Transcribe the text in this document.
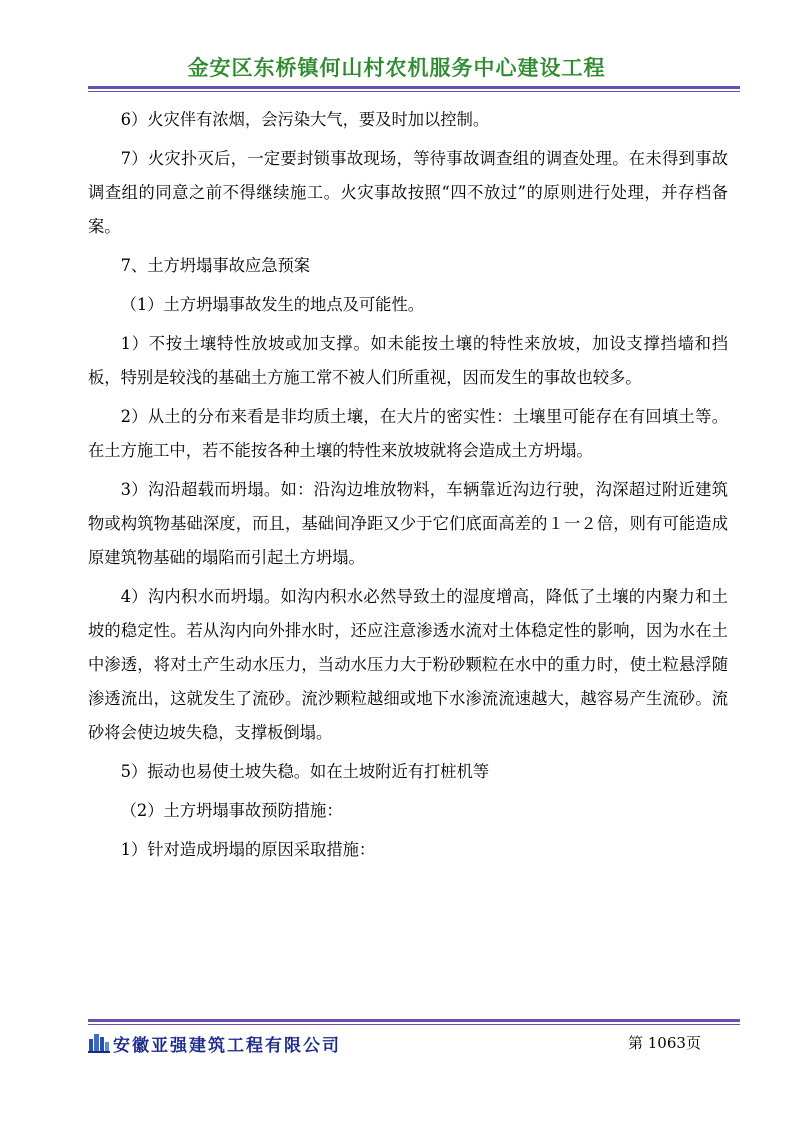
金安区东桥镇何山村农机服务中心建设工程

6）火灾伴有浓烟，会污染大气，要及时加以控制。

7）火灾扑灭后，一定要封锁事故现场，等待事故调查组的调查处理。在未得到事故调查组的同意之前不得继续施工。火灾事故按照“四不放过”的原则进行处理，并存档备案。

7、土方坍塌事故应急预案

（1）土方坍塌事故发生的地点及可能性。

1）不按土壤特性放坡或加支撑。如未能按土壤的特性来放坡，加设支撑挡墙和挡板，特别是较浅的基础土方施工常不被人们所重视，因而发生的事故也较多。

2）从土的分布来看是非均质土壤，在大片的密实性：土壤里可能存在有回填土等。在土方施工中，若不能按各种土壤的特性来放坡就将会造成土方坍塌。

3）沟沿超载而坍塌。如：沿沟边堆放物料，车辆靠近沟边行驶，沟深超过附近建筑物或构筑物基础深度，而且，基础间净距又少于它们底面高差的１一２倍，则有可能造成原建筑物基础的塌陷而引起土方坍塌。

4）沟内积水而坍塌。如沟内积水必然导致土的湿度增高，降低了土壤的内聚力和土坡的稳定性。若从沟内向外排水时，还应注意渗透水流对土体稳定性的影响，因为水在土中渗透，将对土产生动水压力，当动水压力大于粉砂颗粒在水中的重力时，使土粒悬浮随渗透流出，这就发生了流砂。流沙颗粒越细或地下水渗流流速越大，越容易产生流砂。流砂将会使边坡失稳，支撑板倒塌。

5）振动也易使土坡失稳。如在土坡附近有打桩机等

（2）土方坍塌事故预防措施：

1）针对造成坍塌的原因采取措施：

安徽亚强建筑工程有限公司	第 1063页
